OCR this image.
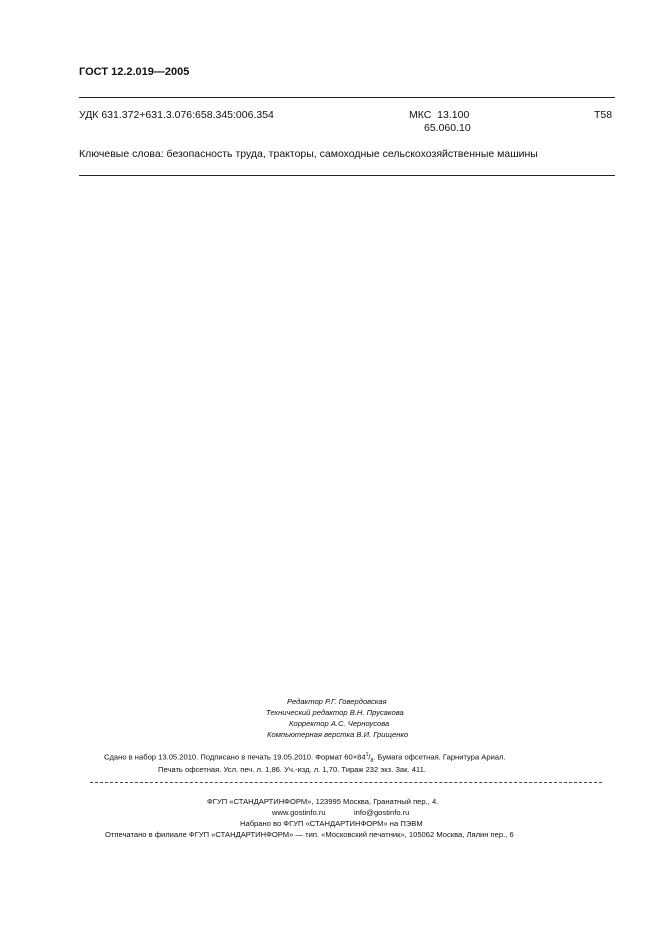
ГОСТ 12.2.019—2005
УДК 631.372+631.3.076:658.345:006.354	МКС 13.100
65.060.10
Т58
Ключевые слова: безопасность труда, тракторы, самоходные сельскохозяйственные машины
Редактор Р.Г. Говердовская
Технический редактор В.Н. Прусакова
Корректор А.С. Черноусова
Компьютерная верстка В.И. Грищенко
Сдано в набор 13.05.2010. Подписано в печать 19.05.2010. Формат $60\times 84^1/_8$. Бумага офсетная. Гарнитура Ариал.
Печать офсетная. Усл. печ. л. 1,86. Уч.-изд. л. 1,70. Тираж 232 экз. Зак. 411.
ФГУП «СТАНДАРТИНФОРМ», 123995 Москва, Гранатный пер., 4.
www.gostinfo.ru	info@gostinfo.ru
Набрано во ФГУП «СТАНДАРТИНФОРМ» на ПЭВМ
Отпечатано в филиале ФГУП «СТАНДАРТИНФОРМ» — тип. «Московский печатник», 105062 Москва, Лялин пер., 6
